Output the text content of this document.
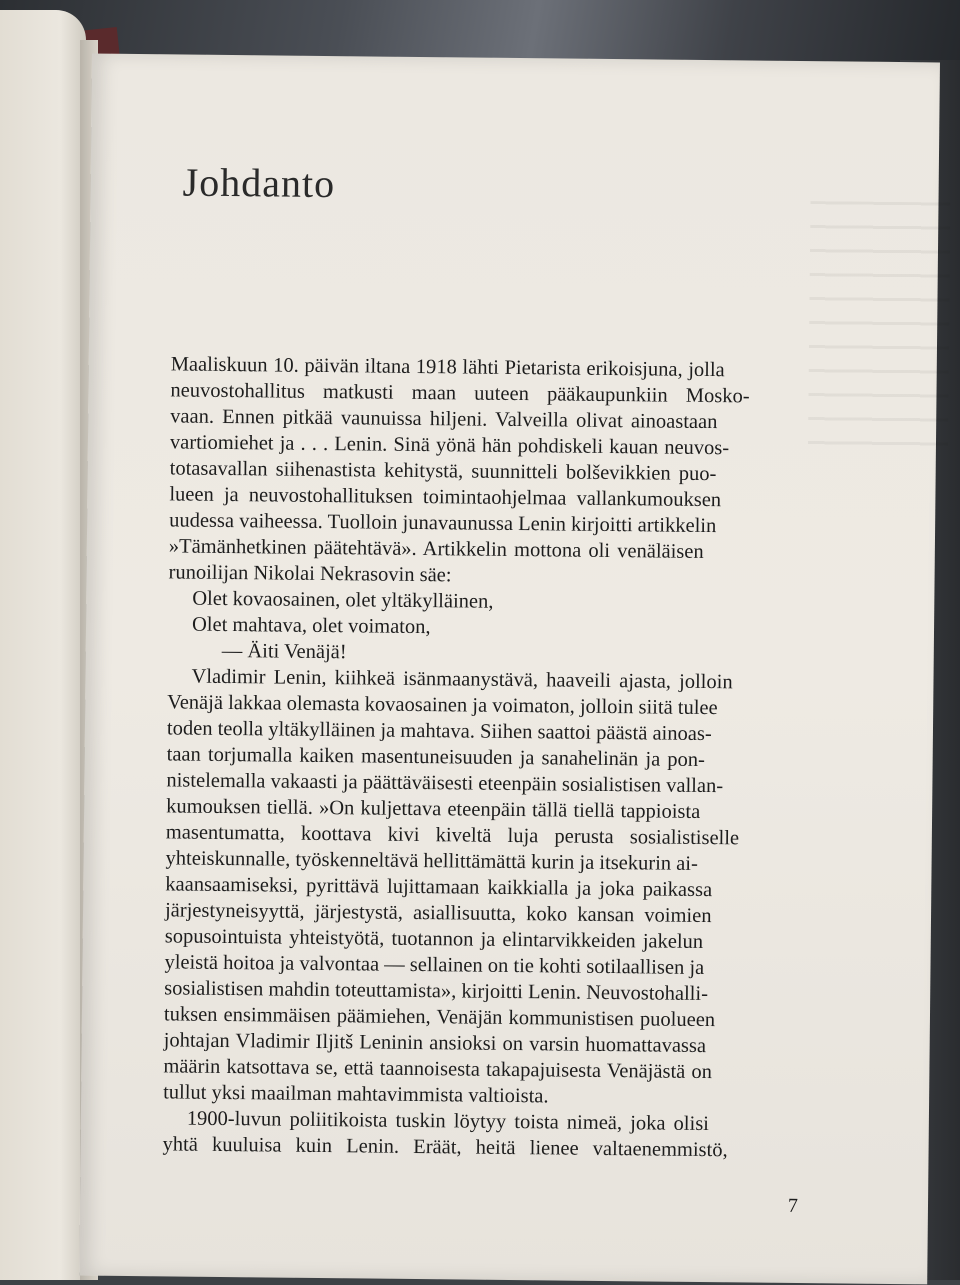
Johdanto
Maaliskuun 10. päivän iltana 1918 lähti Pietarista erikoisjuna, jolla
neuvostohallitus matkusti maan uuteen pääkaupunkiin Mosko-
vaan. Ennen pitkää vaunuissa hiljeni. Valveilla olivat ainoastaan
vartiomiehet ja . . . Lenin. Sinä yönä hän pohdiskeli kauan neuvos-
totasavallan siihenastista kehitystä, suunnitteli bolševikkien puo-
lueen ja neuvostohallituksen toimintaohjelmaa vallankumouksen
uudessa vaiheessa. Tuolloin junavaunussa Lenin kirjoitti artikkelin
»Tämänhetkinen päätehtävä». Artikkelin mottona oli venäläisen
runoilijan Nikolai Nekrasovin säe:
Olet kovaosainen, olet yltäkylläinen,
Olet mahtava, olet voimaton,
— Äiti Venäjä!
Vladimir Lenin, kiihkeä isänmaanystävä, haaveili ajasta, jolloin
Venäjä lakkaa olemasta kovaosainen ja voimaton, jolloin siitä tulee
toden teolla yltäkylläinen ja mahtava. Siihen saattoi päästä ainoas-
taan torjumalla kaiken masentuneisuuden ja sanahelinän ja pon-
nistelemalla vakaasti ja päättäväisesti eteenpäin sosialistisen vallan-
kumouksen tiellä. »On kuljettava eteenpäin tällä tiellä tappioista
masentumatta, koottava kivi kiveltä luja perusta sosialistiselle
yhteiskunnalle, työskenneltävä hellittämättä kurin ja itsekurin ai-
kaansaamiseksi, pyrittävä lujittamaan kaikkialla ja joka paikassa
järjestyneisyyttä, järjestystä, asiallisuutta, koko kansan voimien
sopusointuista yhteistyötä, tuotannon ja elintarvikkeiden jakelun
yleistä hoitoa ja valvontaa — sellainen on tie kohti sotilaallisen ja
sosialistisen mahdin toteuttamista», kirjoitti Lenin. Neuvostohalli-
tuksen ensimmäisen päämiehen, Venäjän kommunistisen puolueen
johtajan Vladimir Iljitš Leninin ansioksi on varsin huomattavassa
määrin katsottava se, että taannoisesta takapajuisesta Venäjästä on
tullut yksi maailman mahtavimmista valtioista.
1900-luvun poliitikoista tuskin löytyy toista nimeä, joka olisi
yhtä kuuluisa kuin Lenin. Eräät, heitä lienee valtaenemmistö,
7
